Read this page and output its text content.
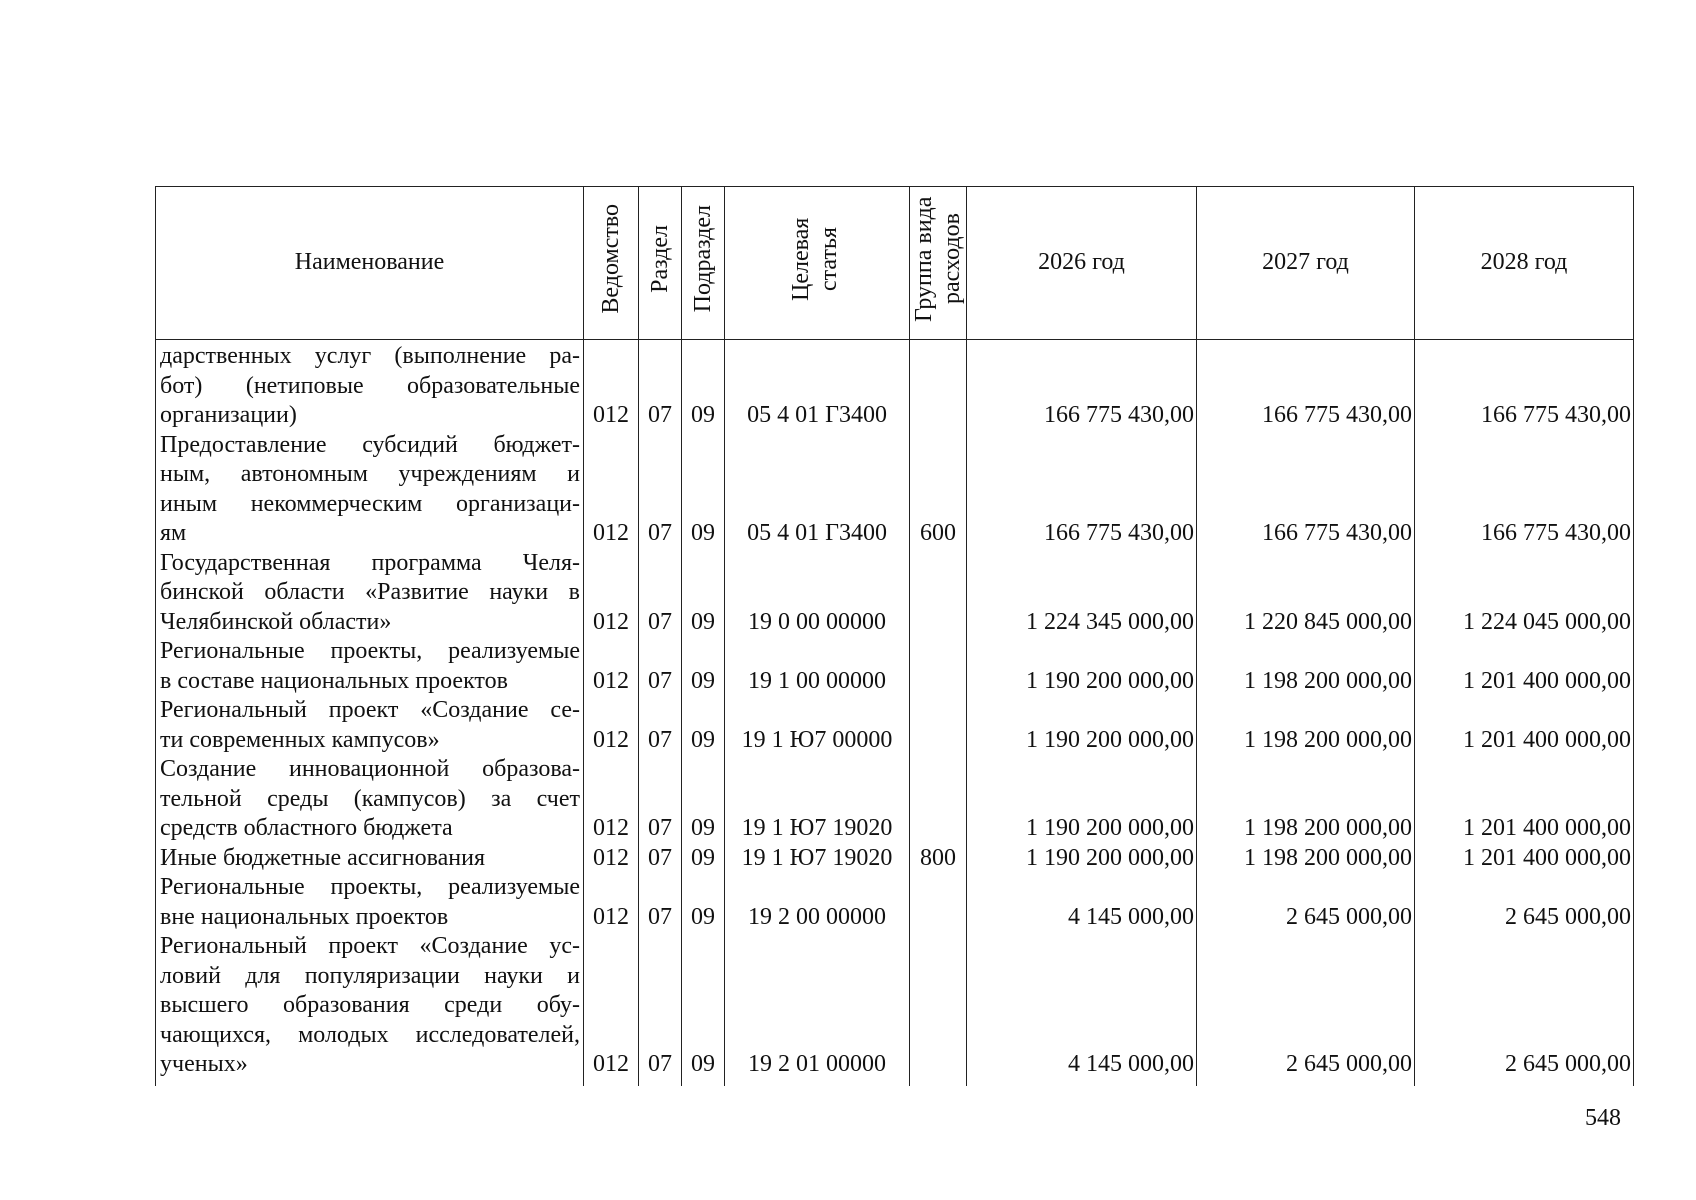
Наименование	Ведомство	Раздел	Подраздел	Целевая статья	Группа вида расходов	2026 год	2027 год	2028 год

дарственных услуг (выполнение ра-
бот) (нетиповые образовательные
организации)	012	07	09	05 4 01 Г3400		166 775 430,00	166 775 430,00	166 775 430,00

Предоставление субсидий бюджет-
ным, автономным учреждениям и
иным некоммерческим организаци-
ям	012	07	09	05 4 01 Г3400	600	166 775 430,00	166 775 430,00	166 775 430,00

Государственная программа Челя-
бинской области «Развитие науки в
Челябинской области»	012	07	09	19 0 00 00000		1 224 345 000,00	1 220 845 000,00	1 224 045 000,00

Региональные проекты, реализуемые
в составе национальных проектов	012	07	09	19 1 00 00000		1 190 200 000,00	1 198 200 000,00	1 201 400 000,00

Региональный проект «Создание се-
ти современных кампусов»	012	07	09	19 1 Ю7 00000		1 190 200 000,00	1 198 200 000,00	1 201 400 000,00

Создание инновационной образова-
тельной среды (кампусов) за счет
средств областного бюджета	012	07	09	19 1 Ю7 19020		1 190 200 000,00	1 198 200 000,00	1 201 400 000,00

Иные бюджетные ассигнования	012	07	09	19 1 Ю7 19020	800	1 190 200 000,00	1 198 200 000,00	1 201 400 000,00

Региональные проекты, реализуемые
вне национальных проектов	012	07	09	19 2 00 00000		4 145 000,00	2 645 000,00	2 645 000,00

Региональный проект «Создание ус-
ловий для популяризации науки и
высшего образования среди обу-
чающихся, молодых исследователей,
ученых»	012	07	09	19 2 01 00000		4 145 000,00	2 645 000,00	2 645 000,00
548
